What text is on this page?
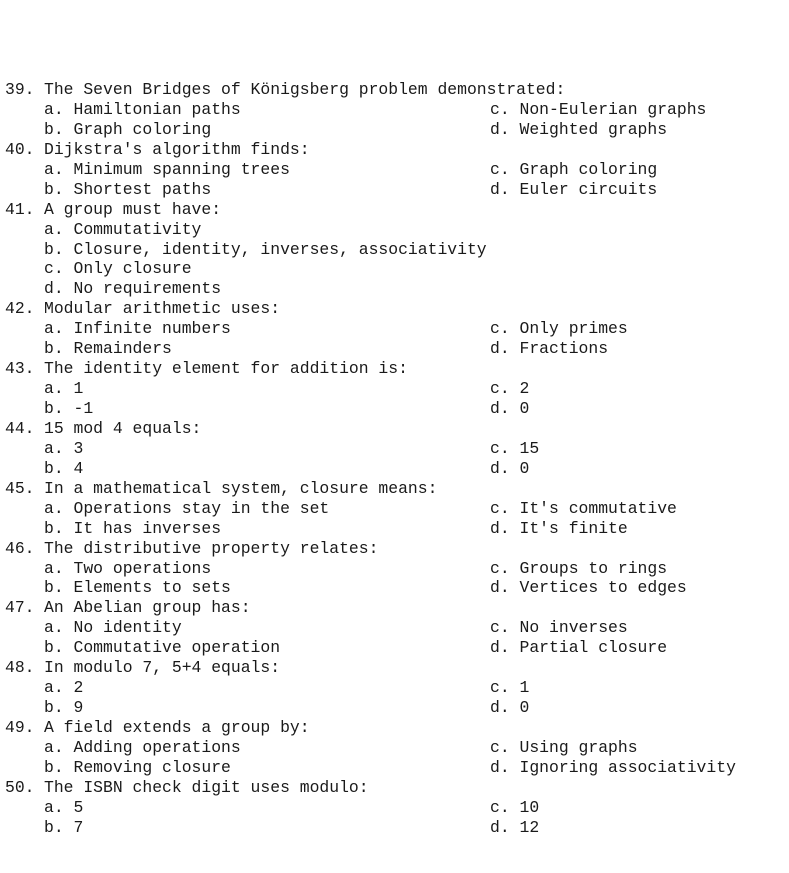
39. The Seven Bridges of Königsberg problem demonstrated:
a. Hamiltonian paths	c. Non-Eulerian graphs
b. Graph coloring	d. Weighted graphs
40. Dijkstra's algorithm finds:
a. Minimum spanning trees	c. Graph coloring
b. Shortest paths	d. Euler circuits
41. A group must have:
a. Commutativity
b. Closure, identity, inverses, associativity
c. Only closure
d. No requirements
42. Modular arithmetic uses:
a. Infinite numbers	c. Only primes
b. Remainders	d. Fractions
43. The identity element for addition is:
a. 1	c. 2
b. -1	d. 0
44. 15 mod 4 equals:
a. 3	c. 15
b. 4	d. 0
45. In a mathematical system, closure means:
a. Operations stay in the set	c. It's commutative
b. It has inverses	d. It's finite
46. The distributive property relates:
a. Two operations	c. Groups to rings
b. Elements to sets	d. Vertices to edges
47. An Abelian group has:
a. No identity	c. No inverses
b. Commutative operation	d. Partial closure
48. In modulo 7, 5+4 equals:
a. 2	c. 1
b. 9	d. 0
49. A field extends a group by:
a. Adding operations	c. Using graphs
b. Removing closure	d. Ignoring associativity
50. The ISBN check digit uses modulo:
a. 5	c. 10
b. 7	d. 12
